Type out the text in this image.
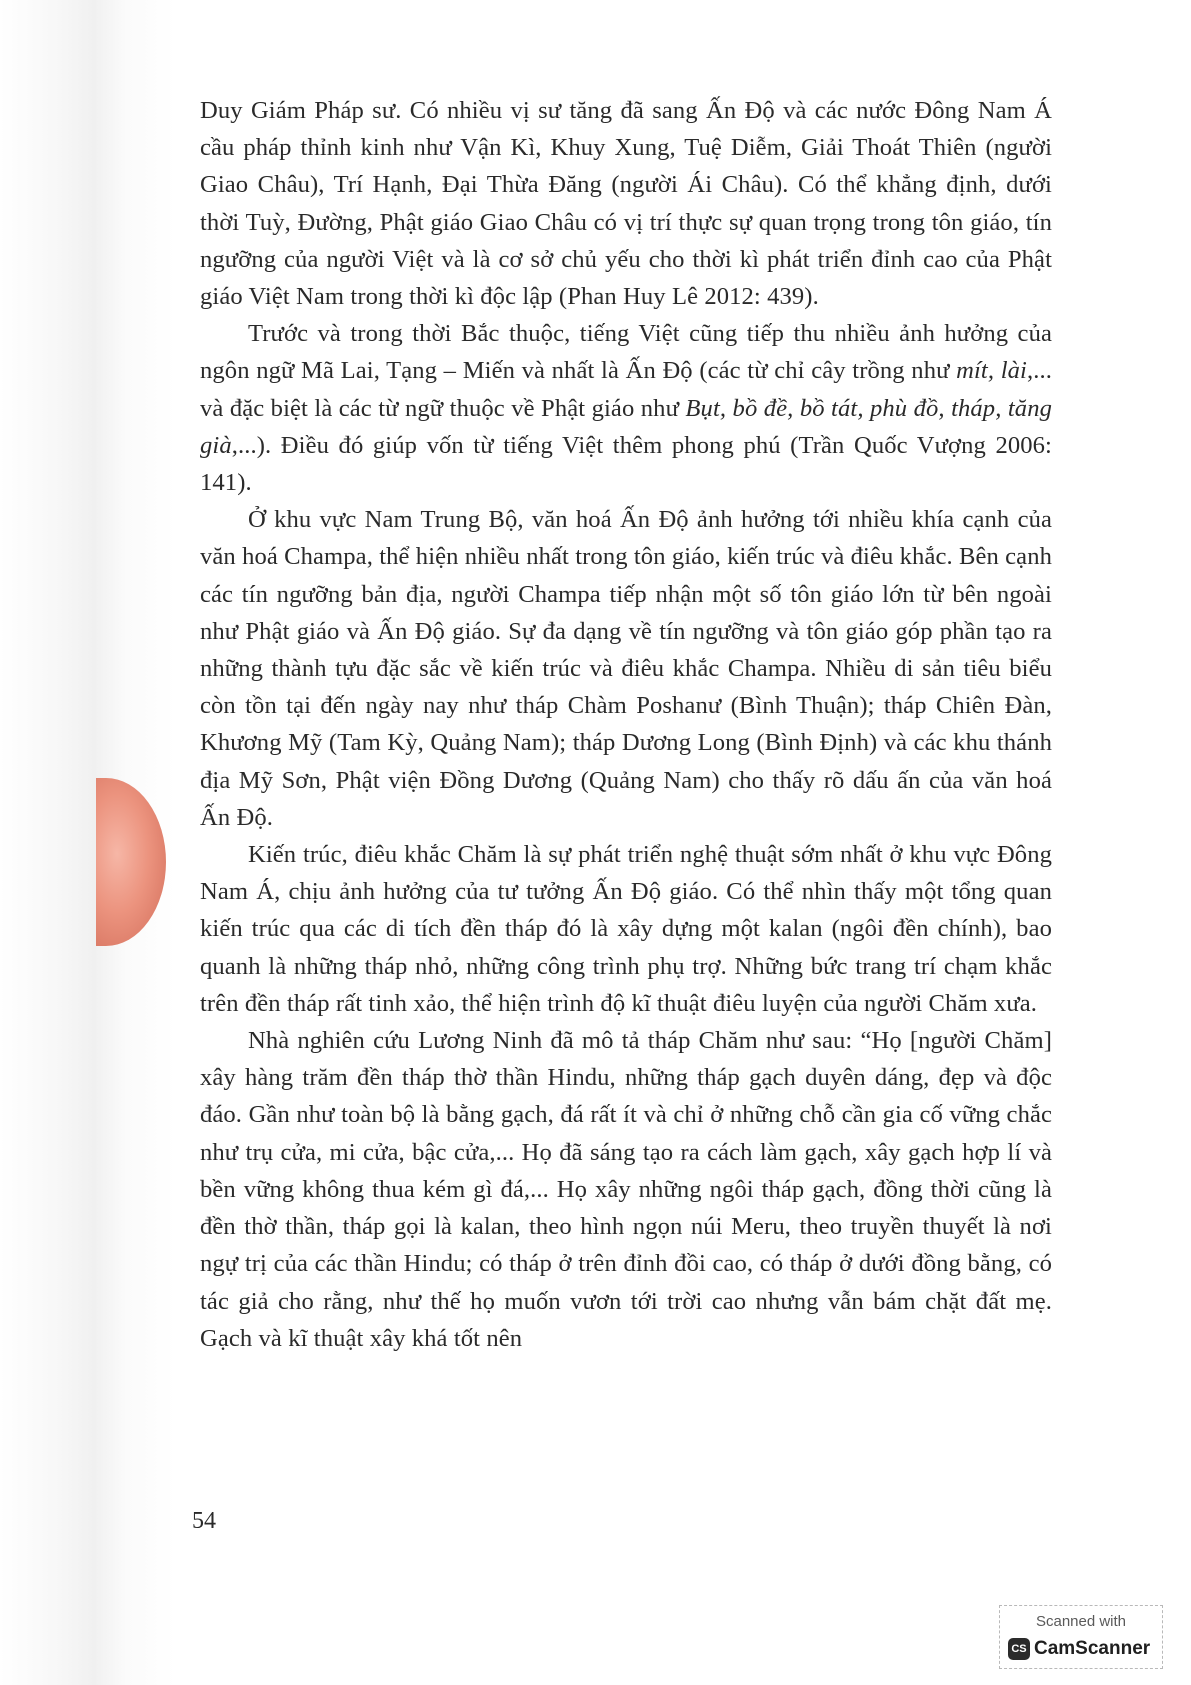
Duy Giám Pháp sư. Có nhiều vị sư tăng đã sang Ấn Độ và các nước Đông Nam Á cầu pháp thỉnh kinh như Vận Kì, Khuy Xung, Tuệ Diễm, Giải Thoát Thiên (người Giao Châu), Trí Hạnh, Đại Thừa Đăng (người Ái Châu). Có thể khẳng định, dưới thời Tuỳ, Đường, Phật giáo Giao Châu có vị trí thực sự quan trọng trong tôn giáo, tín ngưỡng của người Việt và là cơ sở chủ yếu cho thời kì phát triển đỉnh cao của Phật giáo Việt Nam trong thời kì độc lập (Phan Huy Lê 2012: 439).

Trước và trong thời Bắc thuộc, tiếng Việt cũng tiếp thu nhiều ảnh hưởng của ngôn ngữ Mã Lai, Tạng – Miến và nhất là Ấn Độ (các từ chỉ cây trồng như mít, lài,... và đặc biệt là các từ ngữ thuộc về Phật giáo như Bụt, bồ đề, bồ tát, phù đồ, tháp, tăng già,...). Điều đó giúp vốn từ tiếng Việt thêm phong phú (Trần Quốc Vượng 2006: 141).

Ở khu vực Nam Trung Bộ, văn hoá Ấn Độ ảnh hưởng tới nhiều khía cạnh của văn hoá Champa, thể hiện nhiều nhất trong tôn giáo, kiến trúc và điêu khắc. Bên cạnh các tín ngưỡng bản địa, người Champa tiếp nhận một số tôn giáo lớn từ bên ngoài như Phật giáo và Ấn Độ giáo. Sự đa dạng về tín ngưỡng và tôn giáo góp phần tạo ra những thành tựu đặc sắc về kiến trúc và điêu khắc Champa. Nhiều di sản tiêu biểu còn tồn tại đến ngày nay như tháp Chàm Poshanư (Bình Thuận); tháp Chiên Đàn, Khương Mỹ (Tam Kỳ, Quảng Nam); tháp Dương Long (Bình Định) và các khu thánh địa Mỹ Sơn, Phật viện Đồng Dương (Quảng Nam) cho thấy rõ dấu ấn của văn hoá Ấn Độ.

Kiến trúc, điêu khắc Chăm là sự phát triển nghệ thuật sớm nhất ở khu vực Đông Nam Á, chịu ảnh hưởng của tư tưởng Ấn Độ giáo. Có thể nhìn thấy một tổng quan kiến trúc qua các di tích đền tháp đó là xây dựng một kalan (ngôi đền chính), bao quanh là những tháp nhỏ, những công trình phụ trợ. Những bức trang trí chạm khắc trên đền tháp rất tinh xảo, thể hiện trình độ kĩ thuật điêu luyện của người Chăm xưa.

Nhà nghiên cứu Lương Ninh đã mô tả tháp Chăm như sau: “Họ [người Chăm] xây hàng trăm đền tháp thờ thần Hindu, những tháp gạch duyên dáng, đẹp và độc đáo. Gần như toàn bộ là bằng gạch, đá rất ít và chỉ ở những chỗ cần gia cố vững chắc như trụ cửa, mi cửa, bậc cửa,... Họ đã sáng tạo ra cách làm gạch, xây gạch hợp lí và bền vững không thua kém gì đá,... Họ xây những ngôi tháp gạch, đồng thời cũng là đền thờ thần, tháp gọi là kalan, theo hình ngọn núi Meru, theo truyền thuyết là nơi ngự trị của các thần Hindu; có tháp ở trên đỉnh đồi cao, có tháp ở dưới đồng bằng, có tác giả cho rằng, như thế họ muốn vươn tới trời cao nhưng vẫn bám chặt đất mẹ. Gạch và kĩ thuật xây khá tốt nên

54
Scanned with
CS CamScanner
